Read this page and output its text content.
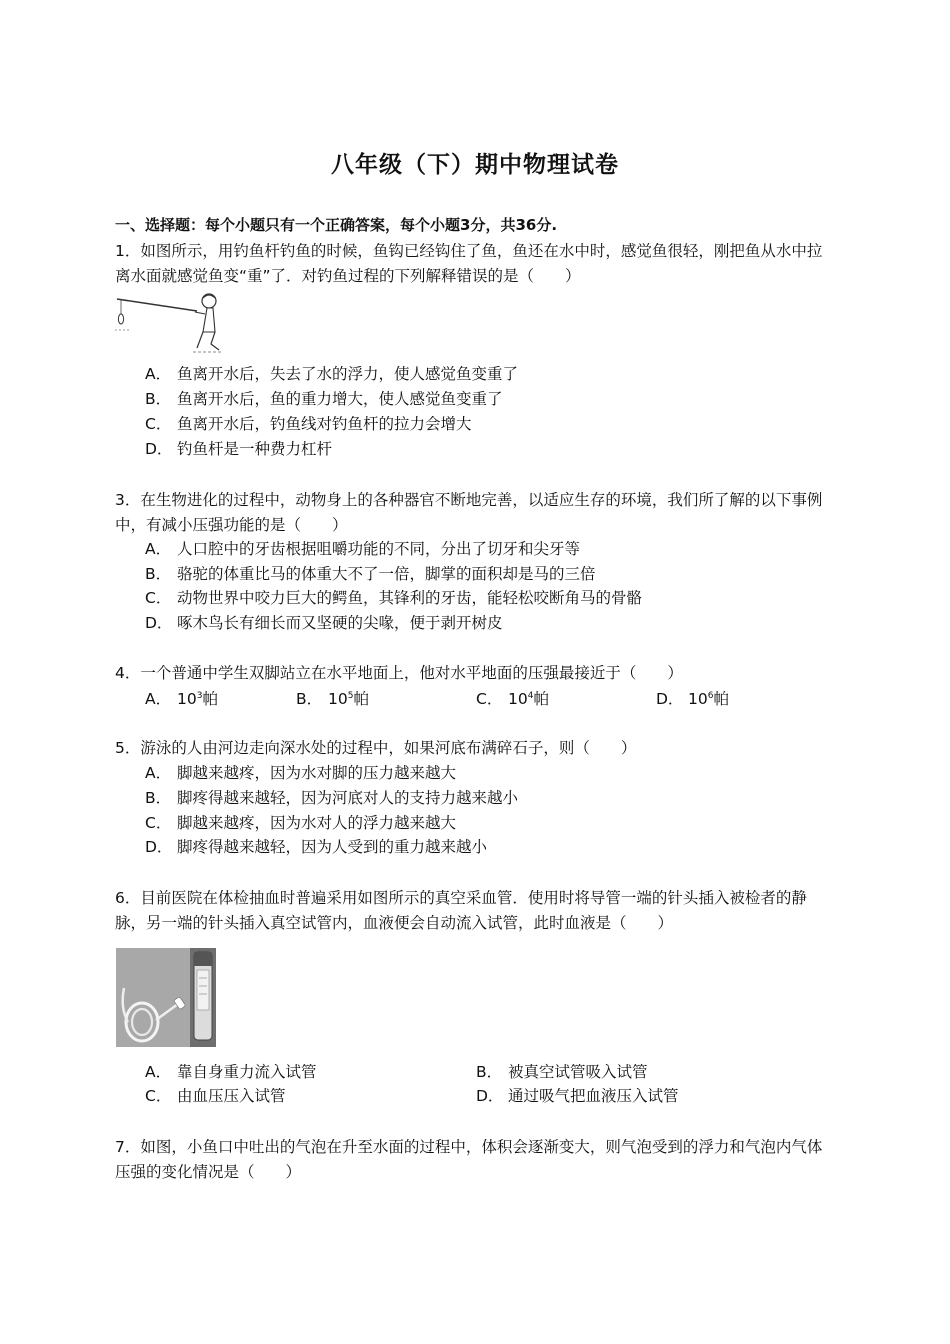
八年级（下）期中物理试卷
一、选择题：每个小题只有一个正确答案，每个小题3分，共36分.
1．如图所示，用钓鱼杆钓鱼的时候，鱼钩已经钩住了鱼，鱼还在水中时，感觉鱼很轻，刚把鱼从水中拉离水面就感觉鱼变“重”了．对钓鱼过程的下列解释错误的是（　　）
A． 鱼离开水后，失去了水的浮力，使人感觉鱼变重了
B． 鱼离开水后，鱼的重力增大，使人感觉鱼变重了
C． 鱼离开水后，钓鱼线对钓鱼杆的拉力会增大
D． 钓鱼杆是一种费力杠杆
3．在生物进化的过程中，动物身上的各种器官不断地完善，以适应生存的环境，我们所了解的以下事例中，有减小压强功能的是（　　）
A． 人口腔中的牙齿根据咀嚼功能的不同，分出了切牙和尖牙等
B． 骆驼的体重比马的体重大不了一倍，脚掌的面积却是马的三倍
C． 动物世界中咬力巨大的鳄鱼，其锋利的牙齿，能轻松咬断角马的骨骼
D． 啄木鸟长有细长而又坚硬的尖喙，便于剥开树皮
4．一个普通中学生双脚站立在水平地面上，他对水平地面的压强最接近于（　　）
A． $10^3$帕	B． $10^5$帕	C． $10^4$帕	D． $10^6$帕
5．游泳的人由河边走向深水处的过程中，如果河底布满碎石子，则（　　）
A． 脚越来越疼，因为水对脚的压力越来越大
B． 脚疼得越来越轻，因为河底对人的支持力越来越小
C． 脚越来越疼，因为水对人的浮力越来越大
D． 脚疼得越来越轻，因为人受到的重力越来越小
6．目前医院在体检抽血时普遍采用如图所示的真空采血管．使用时将导管一端的针头插入被检者的静脉，另一端的针头插入真空试管内，血液便会自动流入试管，此时血液是（　　）
A． 靠自身重力流入试管	B． 被真空试管吸入试管
C． 由血压压入试管	D． 通过吸气把血液压入试管
7．如图，小鱼口中吐出的气泡在升至水面的过程中，体积会逐渐变大，则气泡受到的浮力和气泡内气体压强的变化情况是（　　）
